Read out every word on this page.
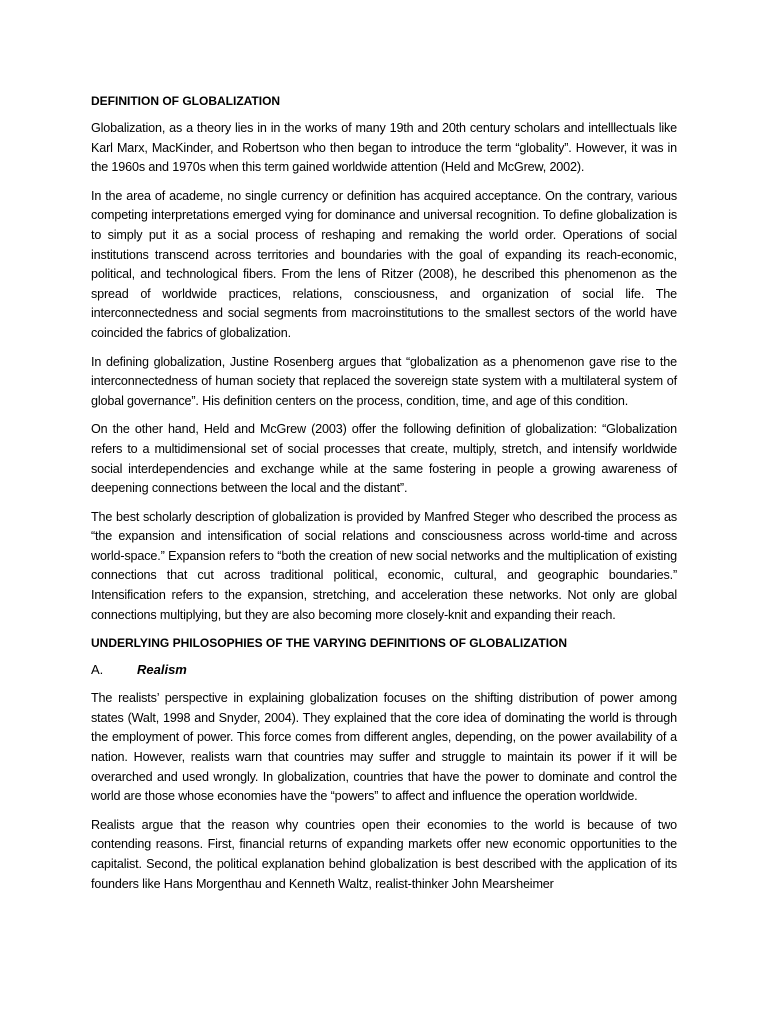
DEFINITION OF GLOBALIZATION

Globalization, as a theory lies in in the works of many 19th and 20th century scholars and intelllectuals like Karl Marx, MacKinder, and Robertson who then began to introduce the term “globality”. However, it was in the 1960s and 1970s when this term gained worldwide attention (Held and McGrew, 2002).

In the area of academe, no single currency or definition has acquired acceptance. On the contrary, various competing interpretations emerged vying for dominance and universal recognition. To define globalization is to simply put it as a social process of reshaping and remaking the world order. Operations of social institutions transcend across territories and boundaries with the goal of expanding its reach-economic, political, and technological fibers. From the lens of Ritzer (2008), he described this phenomenon as the spread of worldwide practices, relations, consciousness, and organization of social life. The interconnectedness and social segments from macroinstitutions to the smallest sectors of the world have coincided the fabrics of globalization.

In defining globalization, Justine Rosenberg argues that “globalization as a phenomenon gave rise to the interconnectedness of human society that replaced the sovereign state system with a multilateral system of global governance”. His definition centers on the process, condition, time, and age of this condition.

On the other hand, Held and McGrew (2003) offer the following definition of globalization: “Globalization refers to a multidimensional set of social processes that create, multiply, stretch, and intensify worldwide social interdependencies and exchange while at the same fostering in people a growing awareness of deepening connections between the local and the distant”.

The best scholarly description of globalization is provided by Manfred Steger who described the process as “the expansion and intensification of social relations and consciousness across world-time and across world-space.” Expansion refers to “both the creation of new social networks and the multiplication of existing connections that cut across traditional political, economic, cultural, and geographic boundaries.” Intensification refers to the expansion, stretching, and acceleration these networks. Not only are global connections multiplying, but they are also becoming more closely-knit and expanding their reach.

UNDERLYING PHILOSOPHIES OF THE VARYING DEFINITIONS OF GLOBALIZATION
A.	Realism

The realists’ perspective in explaining globalization focuses on the shifting distribution of power among states (Walt, 1998 and Snyder, 2004). They explained that the core idea of dominating the world is through the employment of power. This force comes from different angles, depending, on the power availability of a nation. However, realists warn that countries may suffer and struggle to maintain its power if it will be overarched and used wrongly. In globalization, countries that have the power to dominate and control the world are those whose economies have the “powers” to affect and influence the operation worldwide.

Realists argue that the reason why countries open their economies to the world is because of two contending reasons. First, financial returns of expanding markets offer new economic opportunities to the capitalist. Second, the political explanation behind globalization is best described with the application of its founders like Hans Morgenthau and Kenneth Waltz, realist-thinker John Mearsheimer
